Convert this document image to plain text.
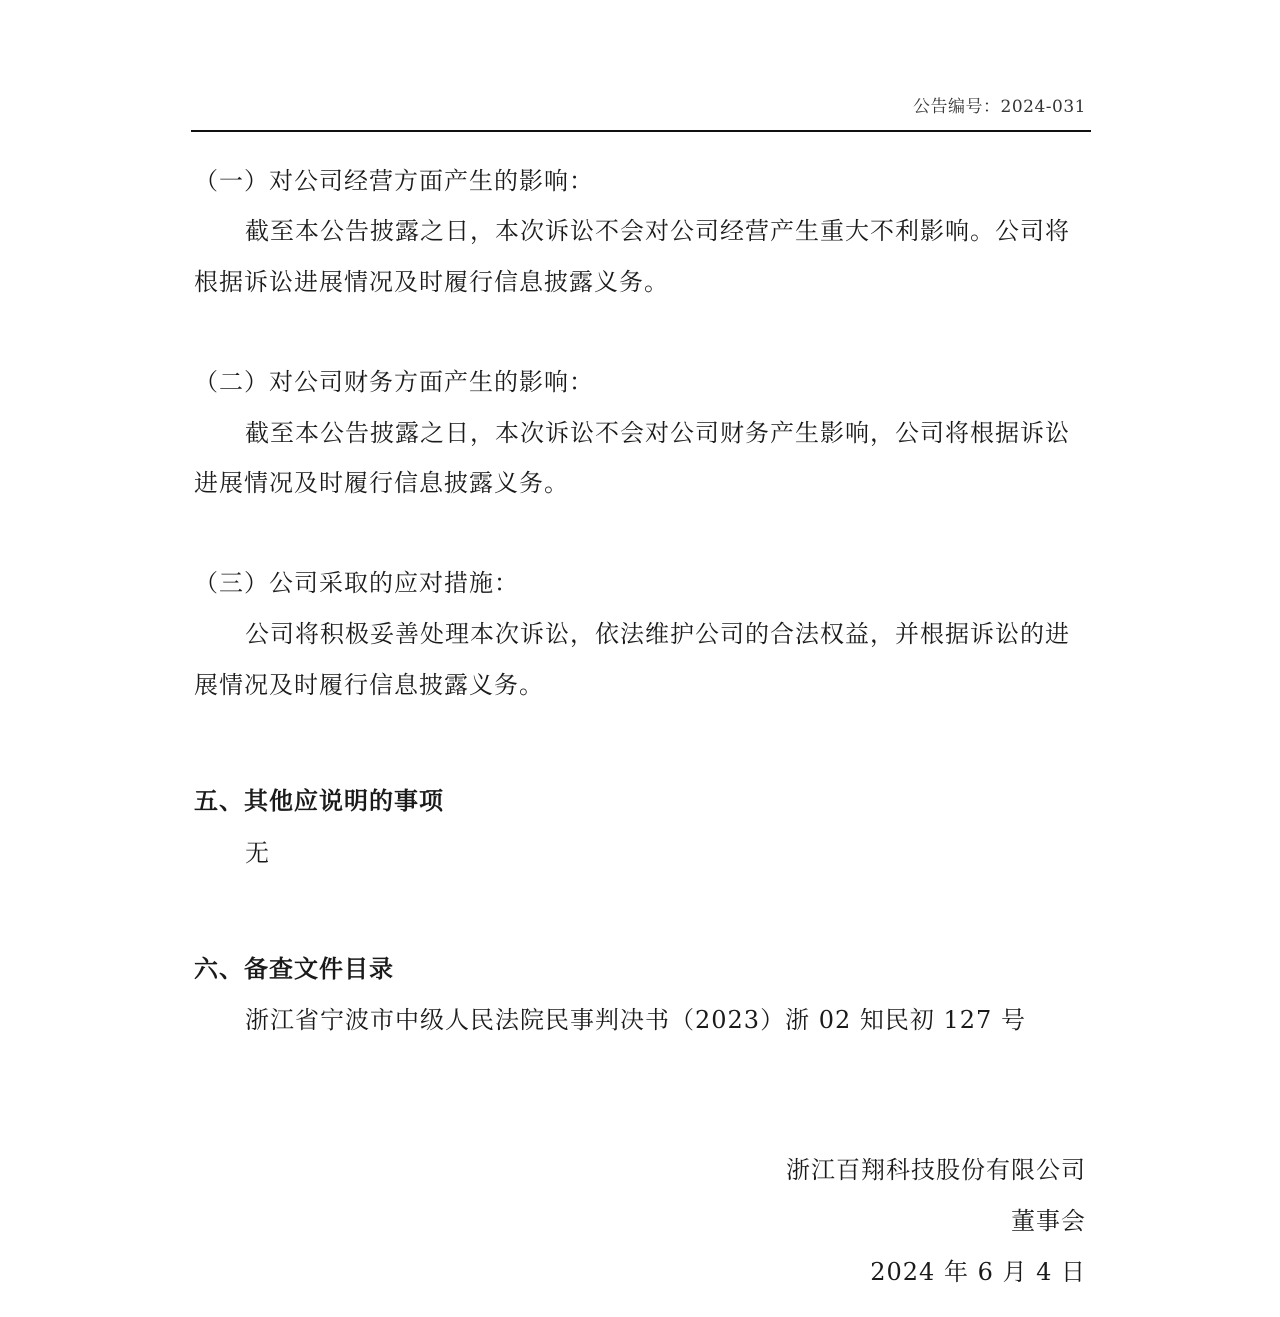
公告编号：2024-031
（一）对公司经营方面产生的影响：
截至本公告披露之日，本次诉讼不会对公司经营产生重大不利影响。公司将
根据诉讼进展情况及时履行信息披露义务。
（二）对公司财务方面产生的影响：
截至本公告披露之日，本次诉讼不会对公司财务产生影响，公司将根据诉讼
进展情况及时履行信息披露义务。
（三）公司采取的应对措施：
公司将积极妥善处理本次诉讼，依法维护公司的合法权益，并根据诉讼的进
展情况及时履行信息披露义务。
五、其他应说明的事项
无
六、备查文件目录
浙江省宁波市中级人民法院民事判决书（2023）浙 02 知民初 127 号
浙江百翔科技股份有限公司
董事会
2024 年 6 月 4 日
